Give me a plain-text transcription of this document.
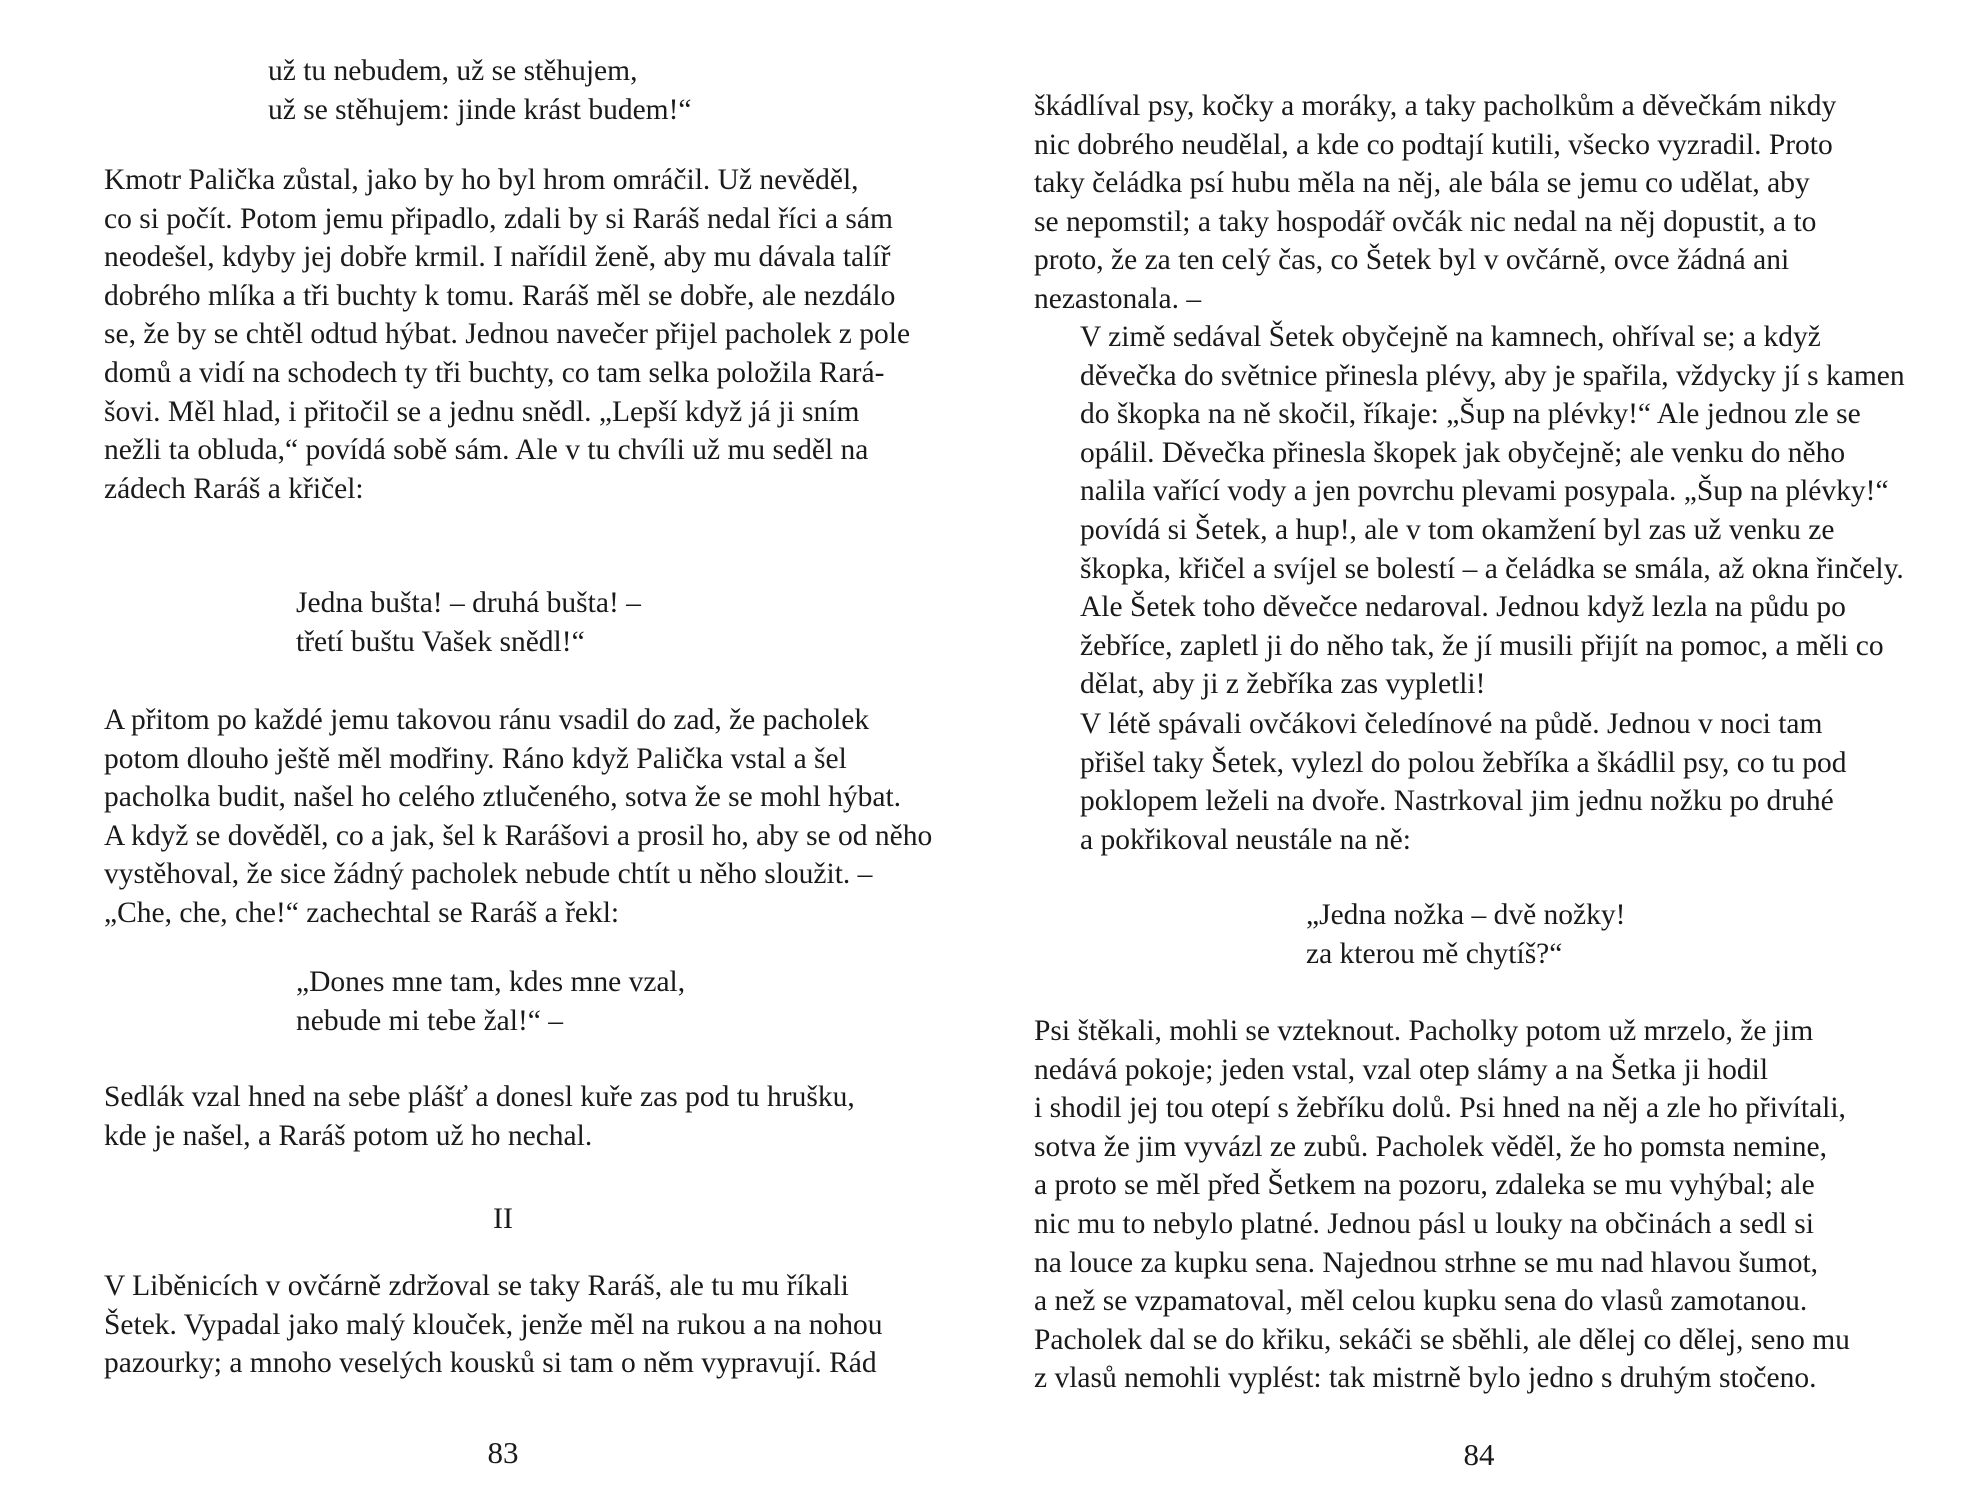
už tu nebudem, už se stěhujem,
už se stěhujem: jinde krást budem!“
Kmotr Palička zůstal, jako by ho byl hrom omráčil. Už nevěděl,
co si počít. Potom jemu připadlo, zdali by si Raráš nedal říci a sám
neodešel, kdyby jej dobře krmil. I nařídil ženě, aby mu dávala talíř
dobrého mlíka a tři buchty k tomu. Raráš měl se dobře, ale nezdálo
se, že by se chtěl odtud hýbat. Jednou navečer přijel pacholek z pole
domů a vidí na schodech ty tři buchty, co tam selka položila Rará-
šovi. Měl hlad, i přitočil se a jednu snědl. „Lepší když já ji sním
nežli ta obluda,“ povídá sobě sám. Ale v tu chvíli už mu seděl na
zádech Raráš a křičel:
Jedna bušta! – druhá bušta! –
třetí buštu Vašek snědl!“
A přitom po každé jemu takovou ránu vsadil do zad, že pacholek
potom dlouho ještě měl modřiny. Ráno když Palička vstal a šel
pacholka budit, našel ho celého ztlučeného, sotva že se mohl hýbat.
A když se dověděl, co a jak, šel k Rarášovi a prosil ho, aby se od něho
vystěhoval, že sice žádný pacholek nebude chtít u něho sloužit. –
„Che, che, che!“ zachechtal se Raráš a řekl:
„Dones mne tam, kdes mne vzal,
nebude mi tebe žal!“ –
Sedlák vzal hned na sebe plášť a donesl kuře zas pod tu hrušku,
kde je našel, a Raráš potom už ho nechal.
II
V Liběnicích v ovčárně zdržoval se taky Raráš, ale tu mu říkali
Šetek. Vypadal jako malý klouček, jenže měl na rukou a na nohou
pazourky; a mnoho veselých kousků si tam o něm vypravují. Rád
83
škádlíval psy, kočky a moráky, a taky pacholkům a děvečkám nikdy
nic dobrého neudělal, a kde co podtají kutili, všecko vyzradil. Proto
taky čeládka psí hubu měla na něj, ale bála se jemu co udělat, aby
se nepomstil; a taky hospodář ovčák nic nedal na něj dopustit, a to
proto, že za ten celý čas, co Šetek byl v ovčárně, ovce žádná ani
nezastonala. –
V zimě sedával Šetek obyčejně na kamnech, ohříval se; a když
děvečka do světnice přinesla plévy, aby je spařila, vždycky jí s kamen
do škopka na ně skočil, říkaje: „Šup na plévky!“ Ale jednou zle se
opálil. Děvečka přinesla škopek jak obyčejně; ale venku do něho
nalila vařící vody a jen povrchu plevami posypala. „Šup na plévky!“
povídá si Šetek, a hup!, ale v tom okamžení byl zas už venku ze
škopka, křičel a svíjel se bolestí – a čeládka se smála, až okna řinčely.
Ale Šetek toho děvečce nedaroval. Jednou když lezla na půdu po
žebříce, zapletl ji do něho tak, že jí musili přijít na pomoc, a měli co
dělat, aby ji z žebříka zas vypletli!
V létě spávali ovčákovi čeledínové na půdě. Jednou v noci tam
přišel taky Šetek, vylezl do polou žebříka a škádlil psy, co tu pod
poklopem leželi na dvoře. Nastrkoval jim jednu nožku po druhé
a pokřikoval neustále na ně:
„Jedna nožka – dvě nožky!
za kterou mě chytíš?“
Psi štěkali, mohli se vzteknout. Pacholky potom už mrzelo, že jim
nedává pokoje; jeden vstal, vzal otep slámy a na Šetka ji hodil
i shodil jej tou otepí s žebříku dolů. Psi hned na něj a zle ho přivítali,
sotva že jim vyvázl ze zubů. Pacholek věděl, že ho pomsta nemine,
a proto se měl před Šetkem na pozoru, zdaleka se mu vyhýbal; ale
nic mu to nebylo platné. Jednou pásl u louky na občinách a sedl si
na louce za kupku sena. Najednou strhne se mu nad hlavou šumot,
a než se vzpamatoval, měl celou kupku sena do vlasů zamotanou.
Pacholek dal se do křiku, sekáči se sběhli, ale dělej co dělej, seno mu
z vlasů nemohli vyplést: tak mistrně bylo jedno s druhým stočeno.
84
